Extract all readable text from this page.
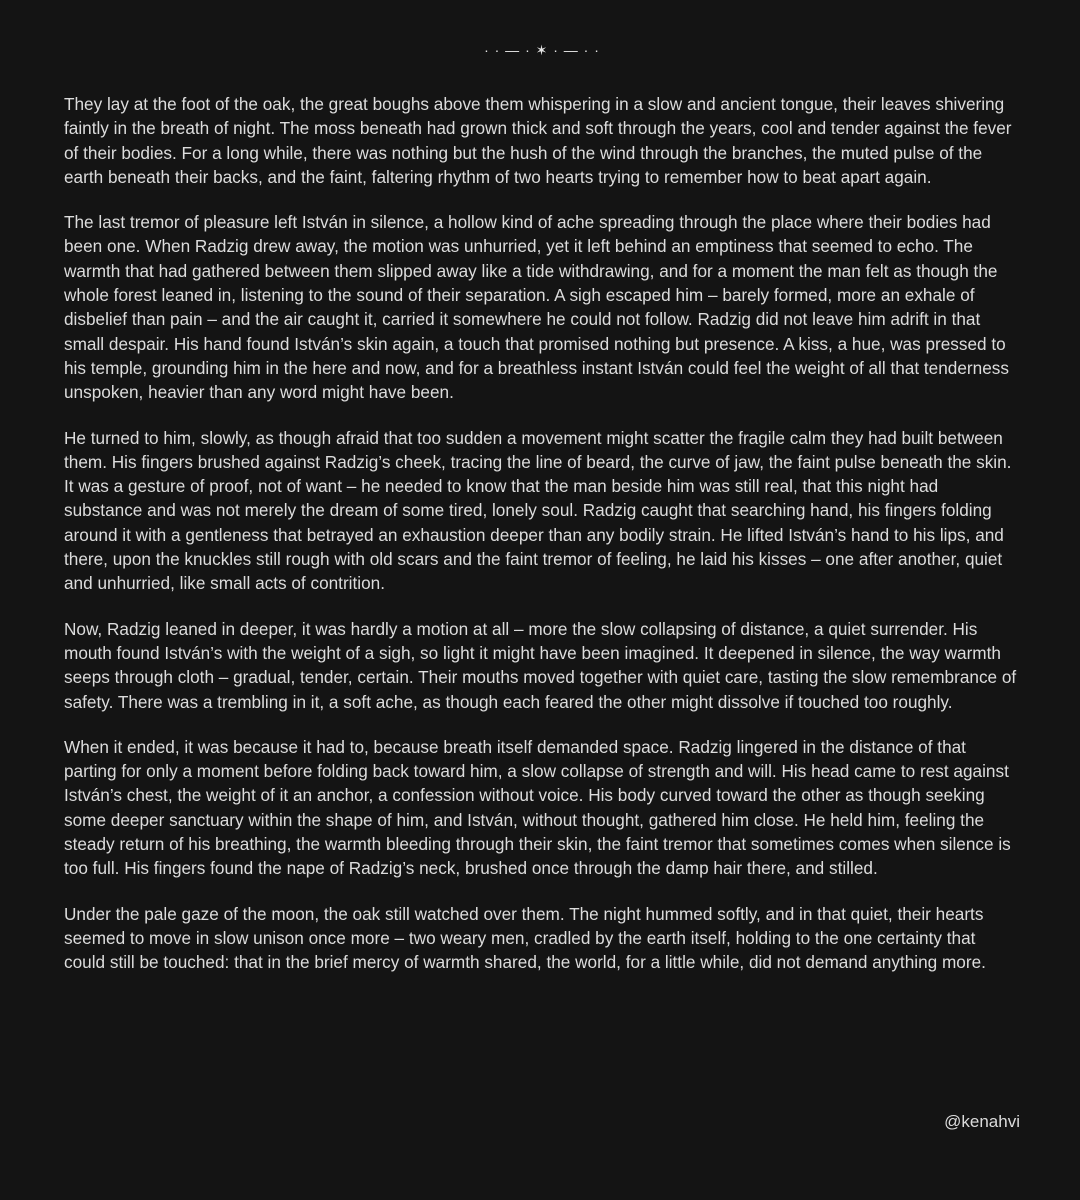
· · — · ✶ · — · ·

They lay at the foot of the oak, the great boughs above them whispering in a slow and ancient tongue, their leaves shivering faintly in the breath of night. The moss beneath had grown thick and soft through the years, cool and tender against the fever of their bodies. For a long while, there was nothing but the hush of the wind through the branches, the muted pulse of the earth beneath their backs, and the faint, faltering rhythm of two hearts trying to remember how to beat apart again.

The last tremor of pleasure left István in silence, a hollow kind of ache spreading through the place where their bodies had been one. When Radzig drew away, the motion was unhurried, yet it left behind an emptiness that seemed to echo. The warmth that had gathered between them slipped away like a tide withdrawing, and for a moment the man felt as though the whole forest leaned in, listening to the sound of their separation. A sigh escaped him – barely formed, more an exhale of disbelief than pain – and the air caught it, carried it somewhere he could not follow. Radzig did not leave him adrift in that small despair. His hand found István’s skin again, a touch that promised nothing but presence. A kiss, a hue, was pressed to his temple, grounding him in the here and now, and for a breathless instant István could feel the weight of all that tenderness unspoken, heavier than any word might have been.

He turned to him, slowly, as though afraid that too sudden a movement might scatter the fragile calm they had built between them. His fingers brushed against Radzig’s cheek, tracing the line of beard, the curve of jaw, the faint pulse beneath the skin. It was a gesture of proof, not of want – he needed to know that the man beside him was still real, that this night had substance and was not merely the dream of some tired, lonely soul. Radzig caught that searching hand, his fingers folding around it with a gentleness that betrayed an exhaustion deeper than any bodily strain. He lifted István’s hand to his lips, and there, upon the knuckles still rough with old scars and the faint tremor of feeling, he laid his kisses – one after another, quiet and unhurried, like small acts of contrition.

Now, Radzig leaned in deeper, it was hardly a motion at all – more the slow collapsing of distance, a quiet surrender. His mouth found István’s with the weight of a sigh, so light it might have been imagined. It deepened in silence, the way warmth seeps through cloth – gradual, tender, certain. Their mouths moved together with quiet care, tasting the slow remembrance of safety. There was a trembling in it, a soft ache, as though each feared the other might dissolve if touched too roughly.

When it ended, it was because it had to, because breath itself demanded space. Radzig lingered in the distance of that parting for only a moment before folding back toward him, a slow collapse of strength and will. His head came to rest against István’s chest, the weight of it an anchor, a confession without voice. His body curved toward the other as though seeking some deeper sanctuary within the shape of him, and István, without thought, gathered him close. He held him, feeling the steady return of his breathing, the warmth bleeding through their skin, the faint tremor that sometimes comes when silence is too full. His fingers found the nape of Radzig’s neck, brushed once through the damp hair there, and stilled.

Under the pale gaze of the moon, the oak still watched over them. The night hummed softly, and in that quiet, their hearts seemed to move in slow unison once more – two weary men, cradled by the earth itself, holding to the one certainty that could still be touched: that in the brief mercy of warmth shared, the world, for a little while, did not demand anything more.

@kenahvi
